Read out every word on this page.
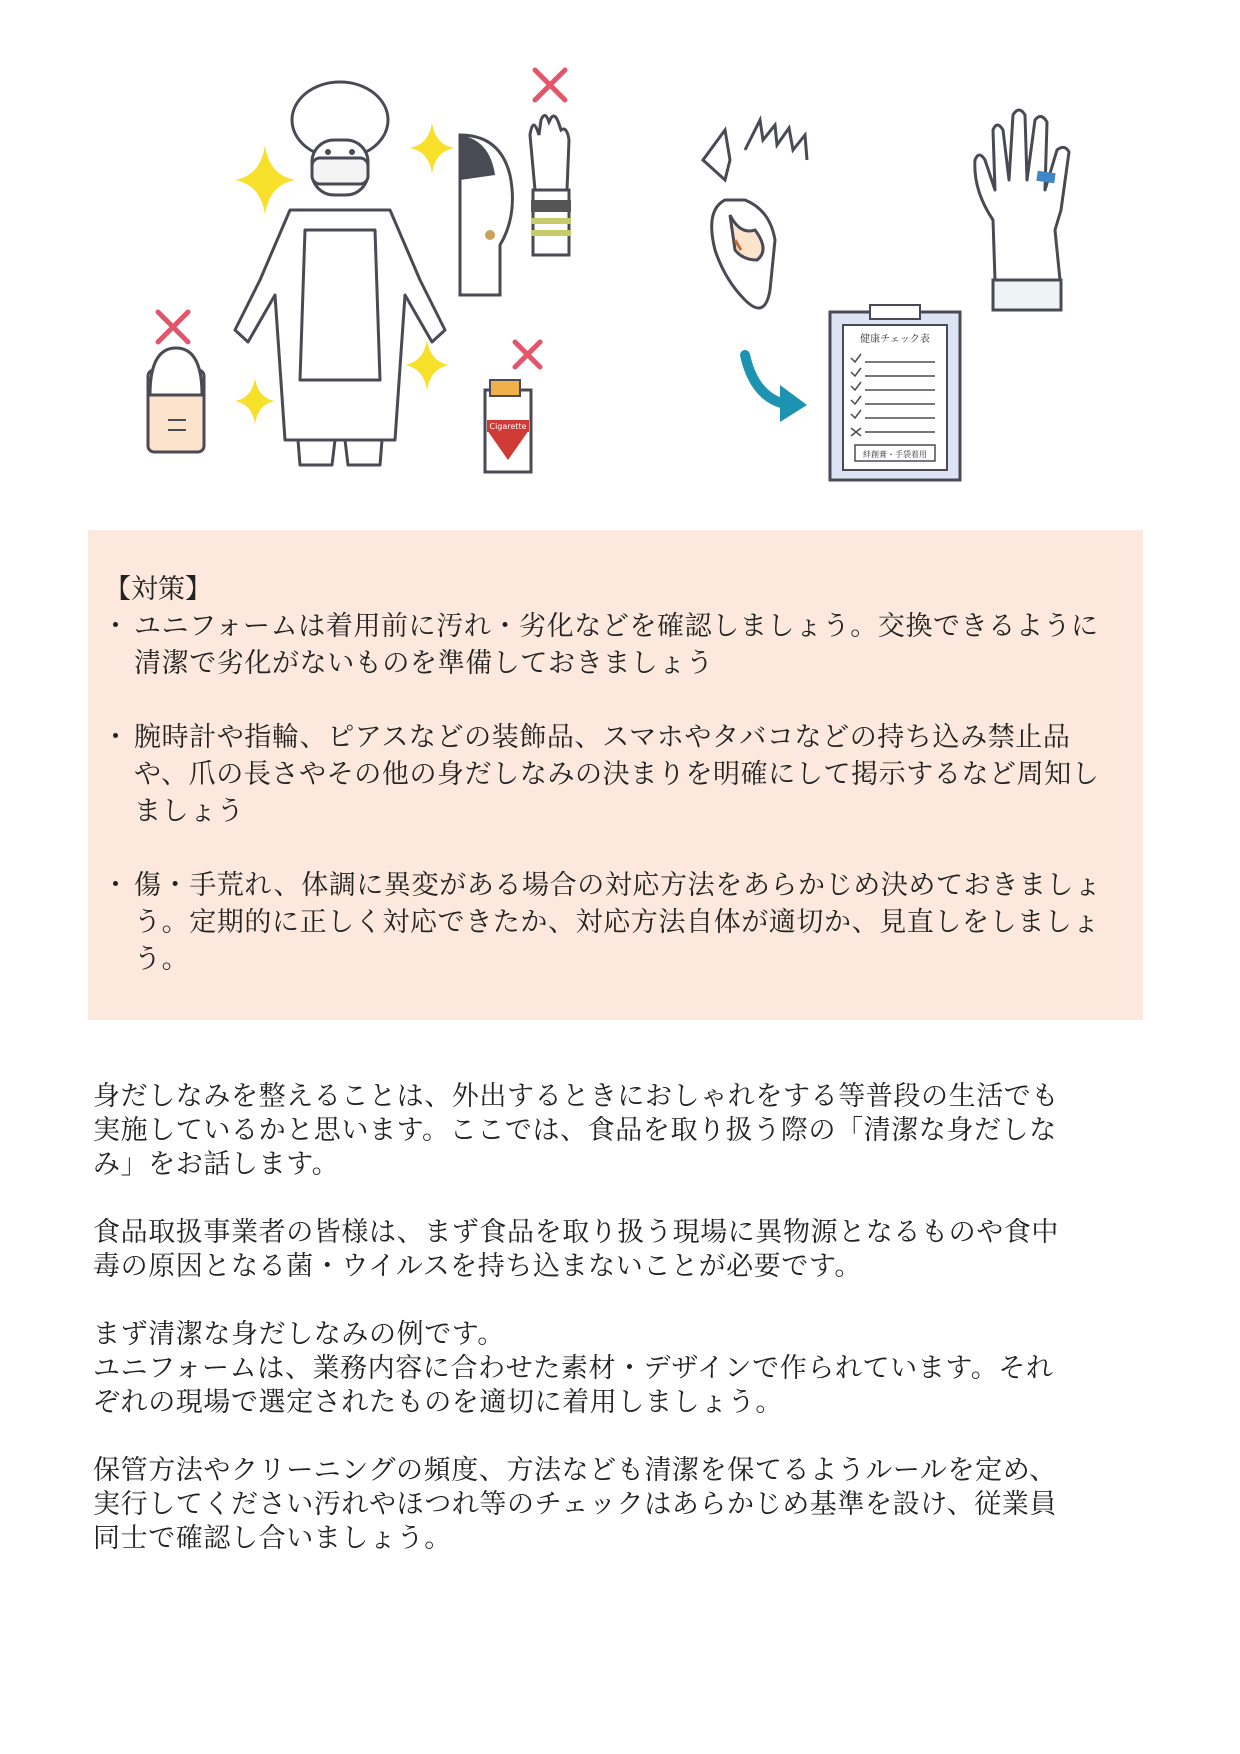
Cigarette
健康チェック表
絆創膏・手袋着用
【対策】
・ ユニフォームは着用前に汚れ・劣化などを確認しましょう。交換できるように清潔で劣化がないものを準備しておきましょう
・ 腕時計や指輪、ピアスなどの装飾品、スマホやタバコなどの持ち込み禁止品や、爪の長さやその他の身だしなみの決まりを明確にして掲示するなど周知しましょう
・ 傷・手荒れ、体調に異変がある場合の対応方法をあらかじめ決めておきましょう。定期的に正しく対応できたか、対応方法自体が適切か、見直しをしましょう。

身だしなみを整えることは、外出するときにおしゃれをする等普段の生活でも
実施しているかと思います。ここでは、食品を取り扱う際の「清潔な身だしな
み」をお話します。

食品取扱事業者の皆様は、まず食品を取り扱う現場に異物源となるものや食中
毒の原因となる菌・ウイルスを持ち込まないことが必要です。

まず清潔な身だしなみの例です。
ユニフォームは、業務内容に合わせた素材・デザインで作られています。それ
ぞれの現場で選定されたものを適切に着用しましょう。

保管方法やクリーニングの頻度、方法なども清潔を保てるようルールを定め、
実行してください汚れやほつれ等のチェックはあらかじめ基準を設け、従業員
同士で確認し合いましょう。
